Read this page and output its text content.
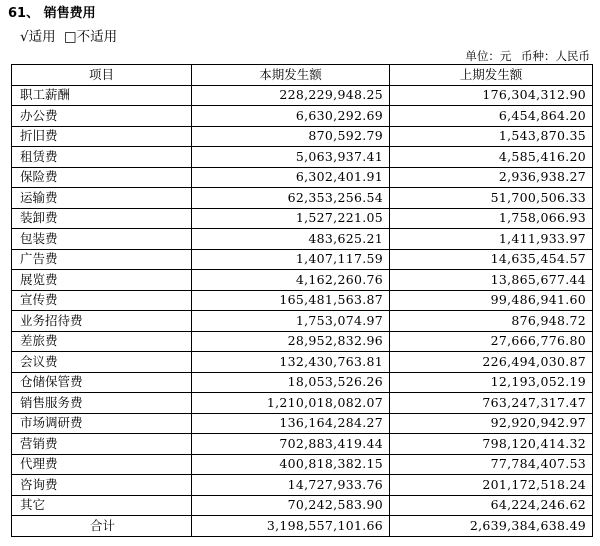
61、 销售费用
√适用 □不适用
单位：元 币种：人民币
项目	本期发生额	上期发生额
职工薪酬	228,229,948.25	176,304,312.90
办公费	6,630,292.69	6,454,864.20
折旧费	870,592.79	1,543,870.35
租赁费	5,063,937.41	4,585,416.20
保险费	6,302,401.91	2,936,938.27
运输费	62,353,256.54	51,700,506.33
装卸费	1,527,221.05	1,758,066.93
包装费	483,625.21	1,411,933.97
广告费	1,407,117.59	14,635,454.57
展览费	4,162,260.76	13,865,677.44
宣传费	165,481,563.87	99,486,941.60
业务招待费	1,753,074.97	876,948.72
差旅费	28,952,832.96	27,666,776.80
会议费	132,430,763.81	226,494,030.87
仓储保管费	18,053,526.26	12,193,052.19
销售服务费	1,210,018,082.07	763,247,317.47
市场调研费	136,164,284.27	92,920,942.97
营销费	702,883,419.44	798,120,414.32
代理费	400,818,382.15	77,784,407.53
咨询费	14,727,933.76	201,172,518.24
其它	70,242,583.90	64,224,246.62
合计	3,198,557,101.66	2,639,384,638.49
